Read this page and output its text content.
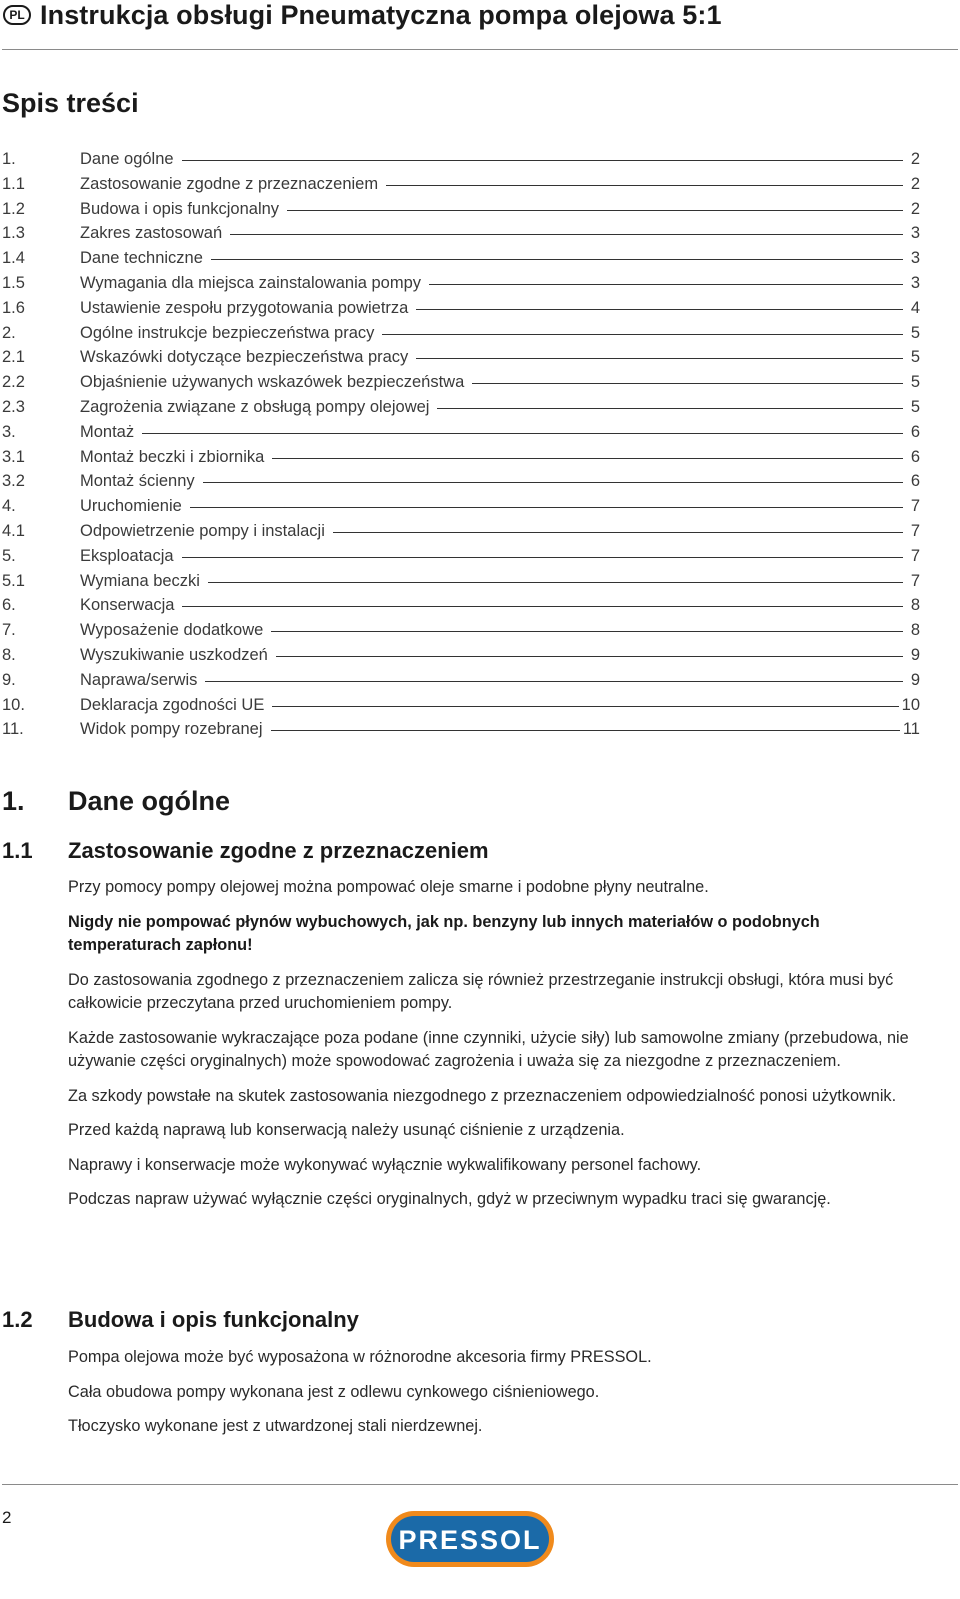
PL Instrukcja obsługi Pneumatyczna pompa olejowa 5:1
Spis treści
1.	Dane ogólne	2
1.1	Zastosowanie zgodne z przeznaczeniem	2
1.2	Budowa i opis funkcjonalny	2
1.3	Zakres zastosowań	3
1.4	Dane techniczne	3
1.5	Wymagania dla miejsca zainstalowania pompy	3
1.6	Ustawienie zespołu przygotowania powietrza	4
2.	Ogólne instrukcje bezpieczeństwa pracy	5
2.1	Wskazówki dotyczące bezpieczeństwa pracy	5
2.2	Objaśnienie używanych wskazówek bezpieczeństwa	5
2.3	Zagrożenia związane z obsługą pompy olejowej	5
3.	Montaż	6
3.1	Montaż beczki i zbiornika	6
3.2	Montaż ścienny	6
4.	Uruchomienie	7
4.1	Odpowietrzenie pompy i instalacji	7
5.	Eksploatacja	7
5.1	Wymiana beczki	7
6.	Konserwacja	8
7.	Wyposażenie dodatkowe	8
8.	Wyszukiwanie uszkodzeń	9
9.	Naprawa/serwis	9
10.	Deklaracja zgodności UE	10
11.	Widok pompy rozebranej	11
1.	Dane ogólne
1.1	Zastosowanie zgodne z przeznaczeniem

Przy pomocy pompy olejowej można pompować oleje smarne i podobne płyny neutralne.

Nigdy nie pompować płynów wybuchowych, jak np. benzyny lub innych materiałów o podobnych temperaturach zapłonu!

Do zastosowania zgodnego z przeznaczeniem zalicza się również przestrzeganie instrukcji obsługi, która musi być całkowicie przeczytana przed uruchomieniem pompy.

Każde zastosowanie wykraczające poza podane (inne czynniki, użycie siły) lub samowolne zmiany (przebudowa, nie używanie części oryginalnych) może spowodować zagrożenia i uważa się za niezgodne z przeznaczeniem.

Za szkody powstałe na skutek zastosowania niezgodnego z przeznaczeniem odpowiedzialność ponosi użytkownik.

Przed każdą naprawą lub konserwacją należy usunąć ciśnienie z urządzenia.

Naprawy i konserwacje może wykonywać wyłącznie wykwalifikowany personel fachowy.

Podczas napraw używać wyłącznie części oryginalnych, gdyż w przeciwnym wypadku traci się gwarancję.

1.2	Budowa i opis funkcjonalny

Pompa olejowa może być wyposażona w różnorodne akcesoria firmy PRESSOL.

Cała obudowa pompy wykonana jest z odlewu cynkowego ciśnieniowego.

Tłoczysko wykonane jest z utwardzonej stali nierdzewnej.

2
PRESSOL
